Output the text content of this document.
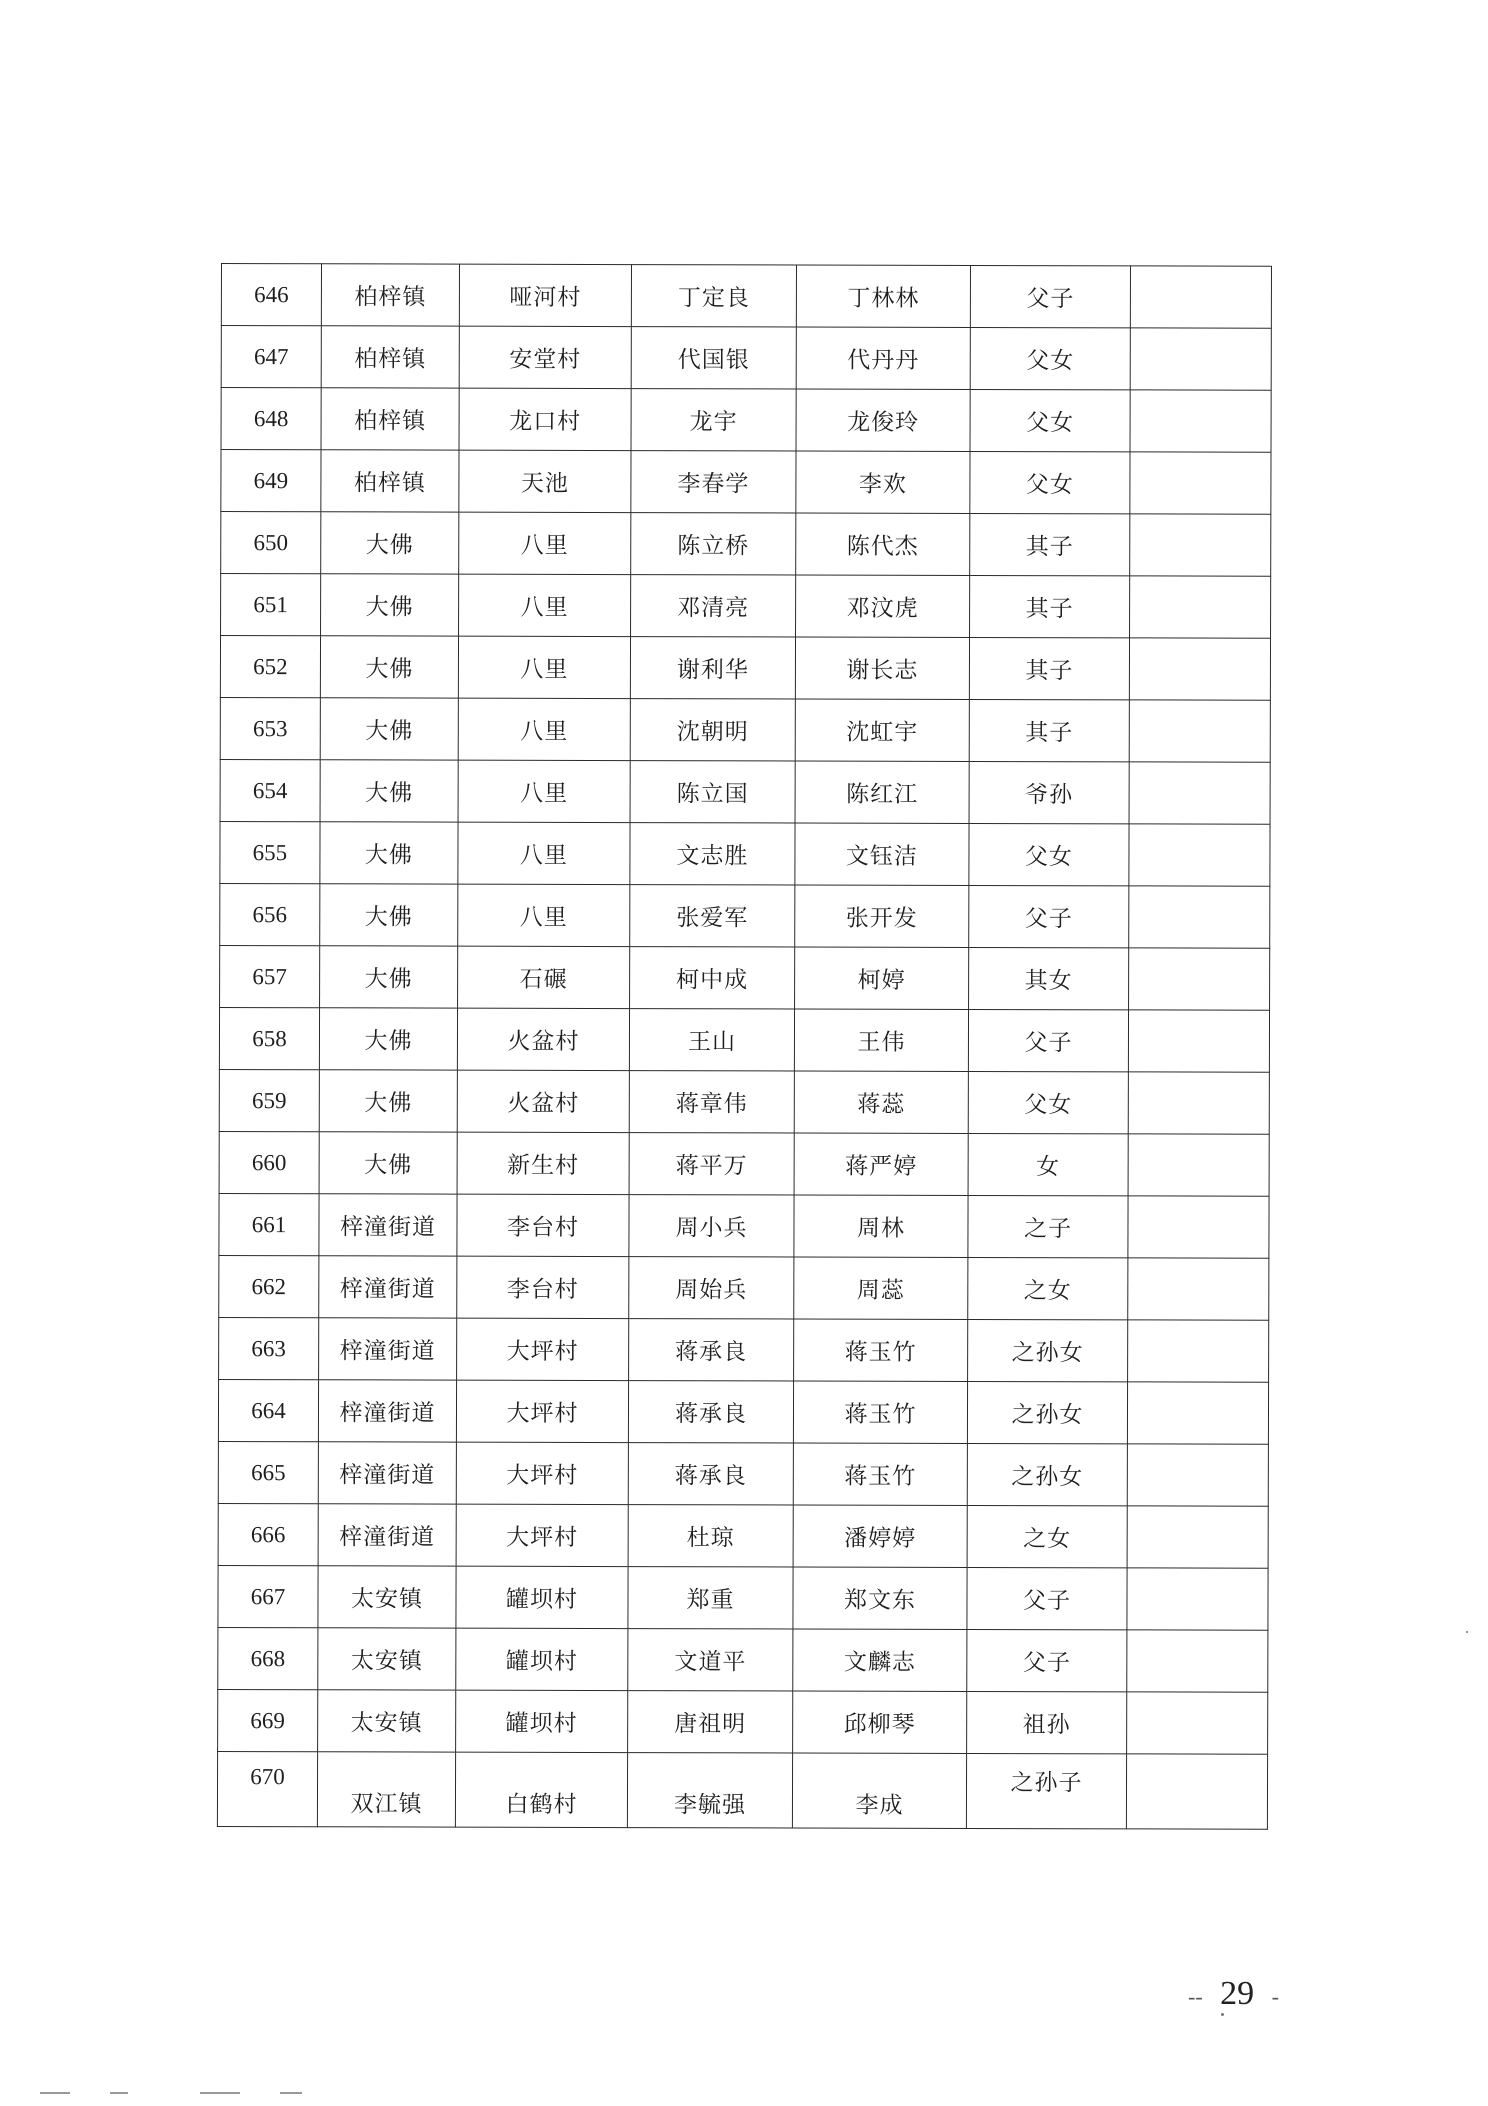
646	柏梓镇	哑河村	丁定良	丁林林	父子	
647	柏梓镇	安堂村	代国银	代丹丹	父女	
648	柏梓镇	龙口村	龙宇	龙俊玲	父女	
649	柏梓镇	天池	李春学	李欢	父女	
650	大佛	八里	陈立桥	陈代杰	其子	
651	大佛	八里	邓清亮	邓汶虎	其子	
652	大佛	八里	谢利华	谢长志	其子	
653	大佛	八里	沈朝明	沈虹宇	其子	
654	大佛	八里	陈立国	陈红江	爷孙	
655	大佛	八里	文志胜	文钰洁	父女	
656	大佛	八里	张爱军	张开发	父子	
657	大佛	石碾	柯中成	柯婷	其女	
658	大佛	火盆村	王山	王伟	父子	
659	大佛	火盆村	蒋章伟	蒋蕊	父女	
660	大佛	新生村	蒋平万	蒋严婷	女	
661	梓潼街道	李台村	周小兵	周林	之子	
662	梓潼街道	李台村	周始兵	周蕊	之女	
663	梓潼街道	大坪村	蒋承良	蒋玉竹	之孙女	
664	梓潼街道	大坪村	蒋承良	蒋玉竹	之孙女	
665	梓潼街道	大坪村	蒋承良	蒋玉竹	之孙女	
666	梓潼街道	大坪村	杜琼	潘婷婷	之女	
667	太安镇	罐坝村	郑重	郑文东	父子	
668	太安镇	罐坝村	文道平	文麟志	父子	
669	太安镇	罐坝村	唐祖明	邱柳琴	祖孙	
670	双江镇	白鹤村	李毓强	李成	之孙子	
-- 29 -
